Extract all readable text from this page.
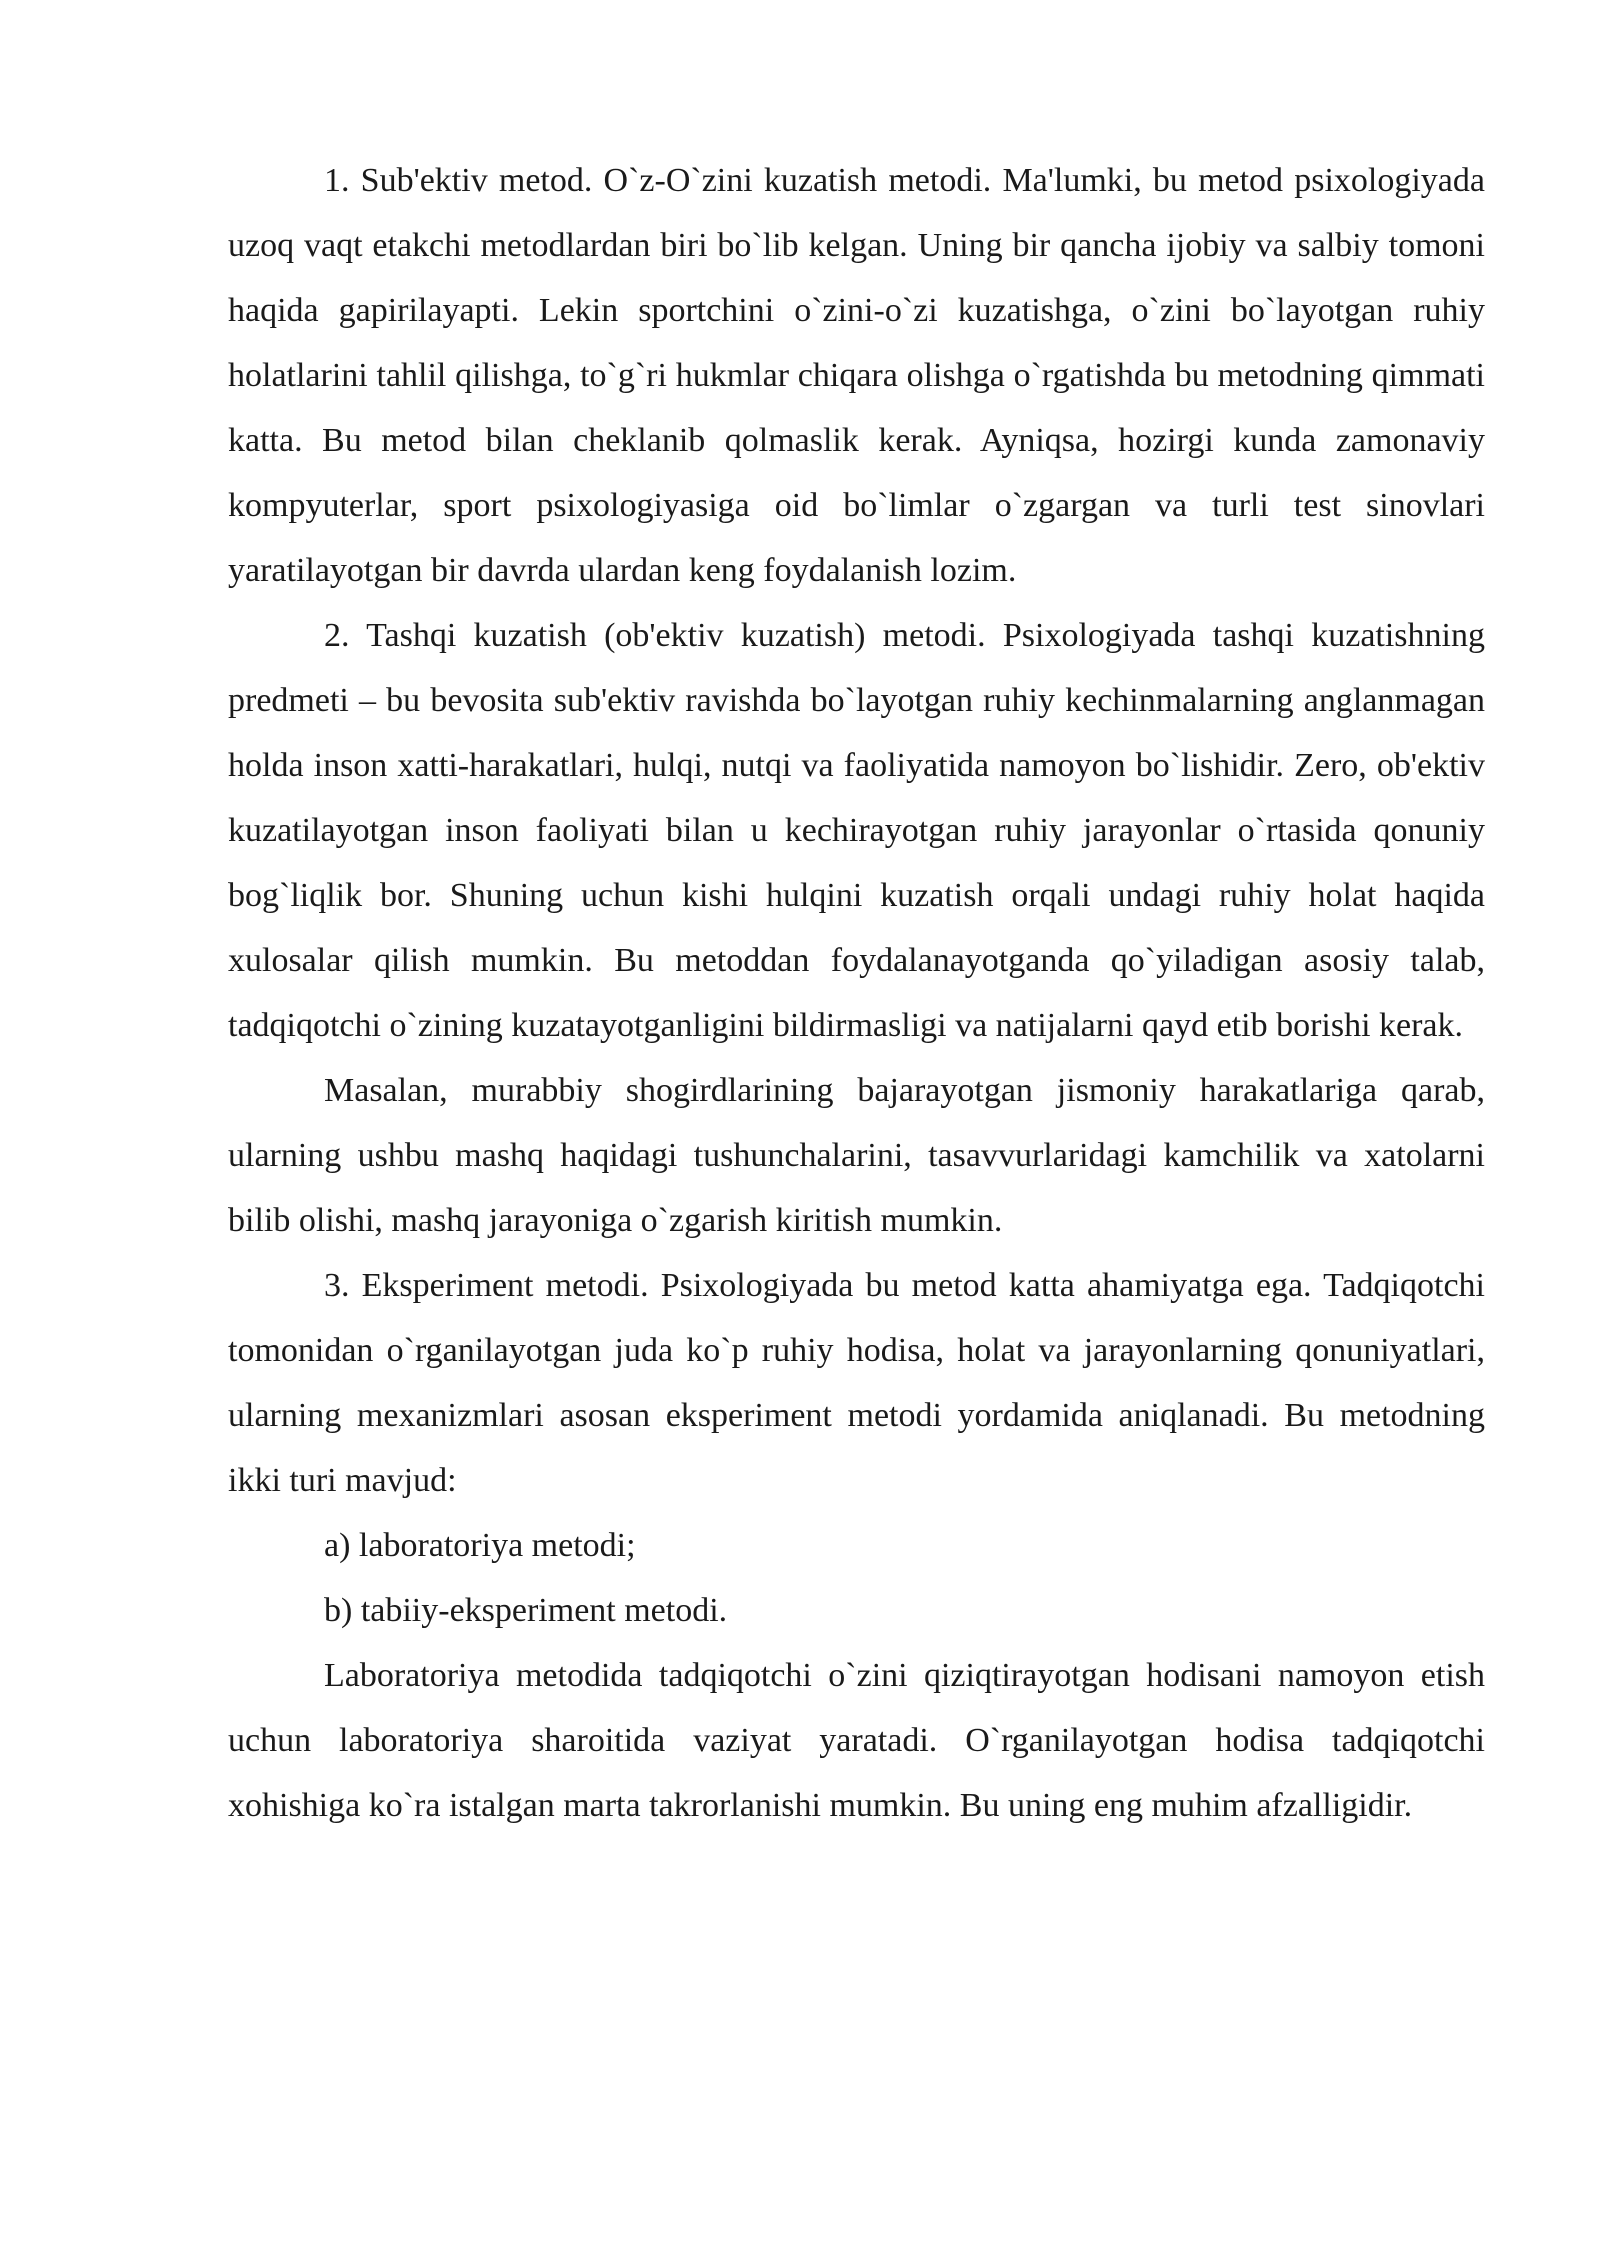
1. Sub'ektiv metod. O`z-O`zini kuzatish metodi. Ma'lumki, bu metod psixologiyada uzoq vaqt etakchi metodlardan biri bo`lib kelgan. Uning bir qancha ijobiy va salbiy tomoni haqida gapirilayapti. Lekin sportchini o`zini-o`zi kuzatishga, o`zini bo`layotgan ruhiy holatlarini tahlil qilishga, to`g`ri hukmlar chiqara olishga o`rgatishda bu metodning qimmati katta. Bu metod bilan cheklanib qolmaslik kerak. Ayniqsa, hozirgi kunda zamonaviy kompyuterlar, sport psixologiyasiga oid bo`limlar o`zgargan va turli test sinovlari yaratilayotgan bir davrda ulardan keng foydalanish lozim.

2. Tashqi kuzatish (ob'ektiv kuzatish) metodi. Psixologiyada tashqi kuzatishning predmeti – bu bevosita sub'ektiv ravishda bo`layotgan ruhiy kechinmalarning anglanmagan holda inson xatti-harakatlari, hulqi, nutqi va faoliyatida namoyon bo`lishidir. Zero, ob'ektiv kuzatilayotgan inson faoliyati bilan u kechirayotgan ruhiy jarayonlar o`rtasida qonuniy bog`liqlik bor. Shuning uchun kishi hulqini kuzatish orqali undagi ruhiy holat haqida xulosalar qilish mumkin. Bu metoddan foydalanayotganda qo`yiladigan asosiy talab, tadqiqotchi o`zining kuzatayotganligini bildirmasligi va natijalarni qayd etib borishi kerak.

Masalan, murabbiy shogirdlarining bajarayotgan jismoniy harakatlariga qarab, ularning ushbu mashq haqidagi tushunchalarini, tasavvurlaridagi kamchilik va xatolarni bilib olishi, mashq jarayoniga o`zgarish kiritish mumkin.

3. Eksperiment metodi. Psixologiyada bu metod katta ahamiyatga ega. Tadqiqotchi tomonidan o`rganilayotgan juda ko`p ruhiy hodisa, holat va jarayonlarning qonuniyatlari, ularning mexanizmlari asosan eksperiment metodi yordamida aniqlanadi. Bu metodning ikki turi mavjud:

a) laboratoriya metodi;

b) tabiiy-eksperiment metodi.

Laboratoriya metodida tadqiqotchi o`zini qiziqtirayotgan hodisani namoyon etish uchun laboratoriya sharoitida vaziyat yaratadi. O`rganilayotgan hodisa tadqiqotchi xohishiga ko`ra istalgan marta takrorlanishi mumkin. Bu uning eng muhim afzalligidir.
